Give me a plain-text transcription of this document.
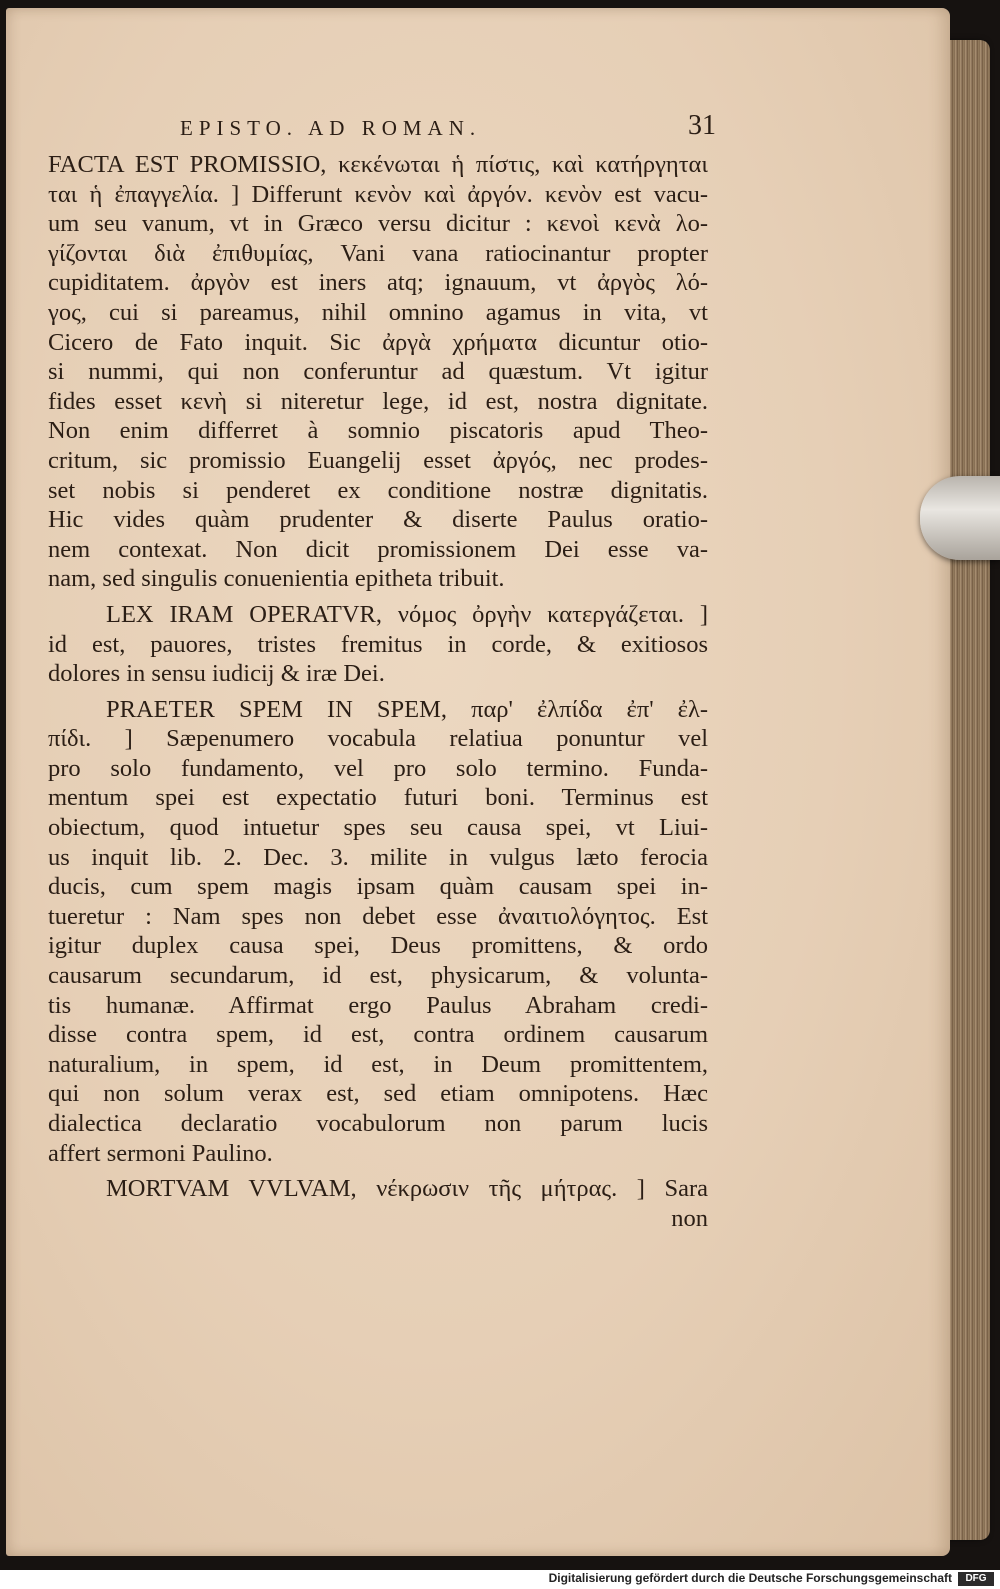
EPISTO. AD ROMAN.	31
FACTA EST PROMISSIO, κεκένωται ἡ πίστις, καὶ κατήργηται
ται ἡ ἐπαγγελία. ] Differunt κενὸν καὶ ἀργόν. κενὸν est vacu-
um seu vanum, vt in Græco versu dicitur : κενοὶ κενὰ λο-
γίζονται διὰ ἐπιθυμίας, Vani vana ratiocinantur propter
cupiditatem. ἀργὸν est iners atq; ignauum, vt ἀργὸς λό-
γος, cui si pareamus, nihil omnino agamus in vita, vt
Cicero de Fato inquit. Sic ἀργὰ χρήματα dicuntur otio-
si nummi, qui non conferuntur ad quæstum. Vt igitur
fides esset κενὴ si niteretur lege, id est, nostra dignitate.
Non enim differret à somnio piscatoris apud Theo-
critum, sic promissio Euangelij esset ἀργός, nec prodes-
set nobis si penderet ex conditione nostræ dignitatis.
Hic vides quàm prudenter & diserte Paulus oratio-
nem contexat. Non dicit promissionem Dei esse va-
nam, sed singulis conuenientia epitheta tribuit.
LEX IRAM OPERATVR, νόμος ὀργὴν κατεργάζεται. ]
id est, pauores, tristes fremitus in corde, & exitiosos
dolores in sensu iudicij & iræ Dei.
PRAETER SPEM IN SPEM, παρ' ἐλπίδα ἐπ' ἐλ-
πίδι. ] Sæpenumero vocabula relatiua ponuntur vel
pro solo fundamento, vel pro solo termino. Funda-
mentum spei est expectatio futuri boni. Terminus est
obiectum, quod intuetur spes seu causa spei, vt Liui-
us inquit lib. 2. Dec. 3. milite in vulgus læto ferocia
ducis, cum spem magis ipsam quàm causam spei in-
tueretur : Nam spes non debet esse ἀναιτιολόγητος. Est
igitur duplex causa spei, Deus promittens, & ordo
causarum secundarum, id est, physicarum, & volunta-
tis humanæ. Affirmat ergo Paulus Abraham credi-
disse contra spem, id est, contra ordinem causarum
naturalium, in spem, id est, in Deum promittentem,
qui non solum verax est, sed etiam omnipotens. Hæc
dialectica declaratio vocabulorum non parum lucis
affert sermoni Paulino.
MORTVAM VVLVAM, νέκρωσιν τῆς μήτρας. ] Sara
non
Digitalisierung gefördert durch die Deutsche Forschungsgemeinschaft	DFG
